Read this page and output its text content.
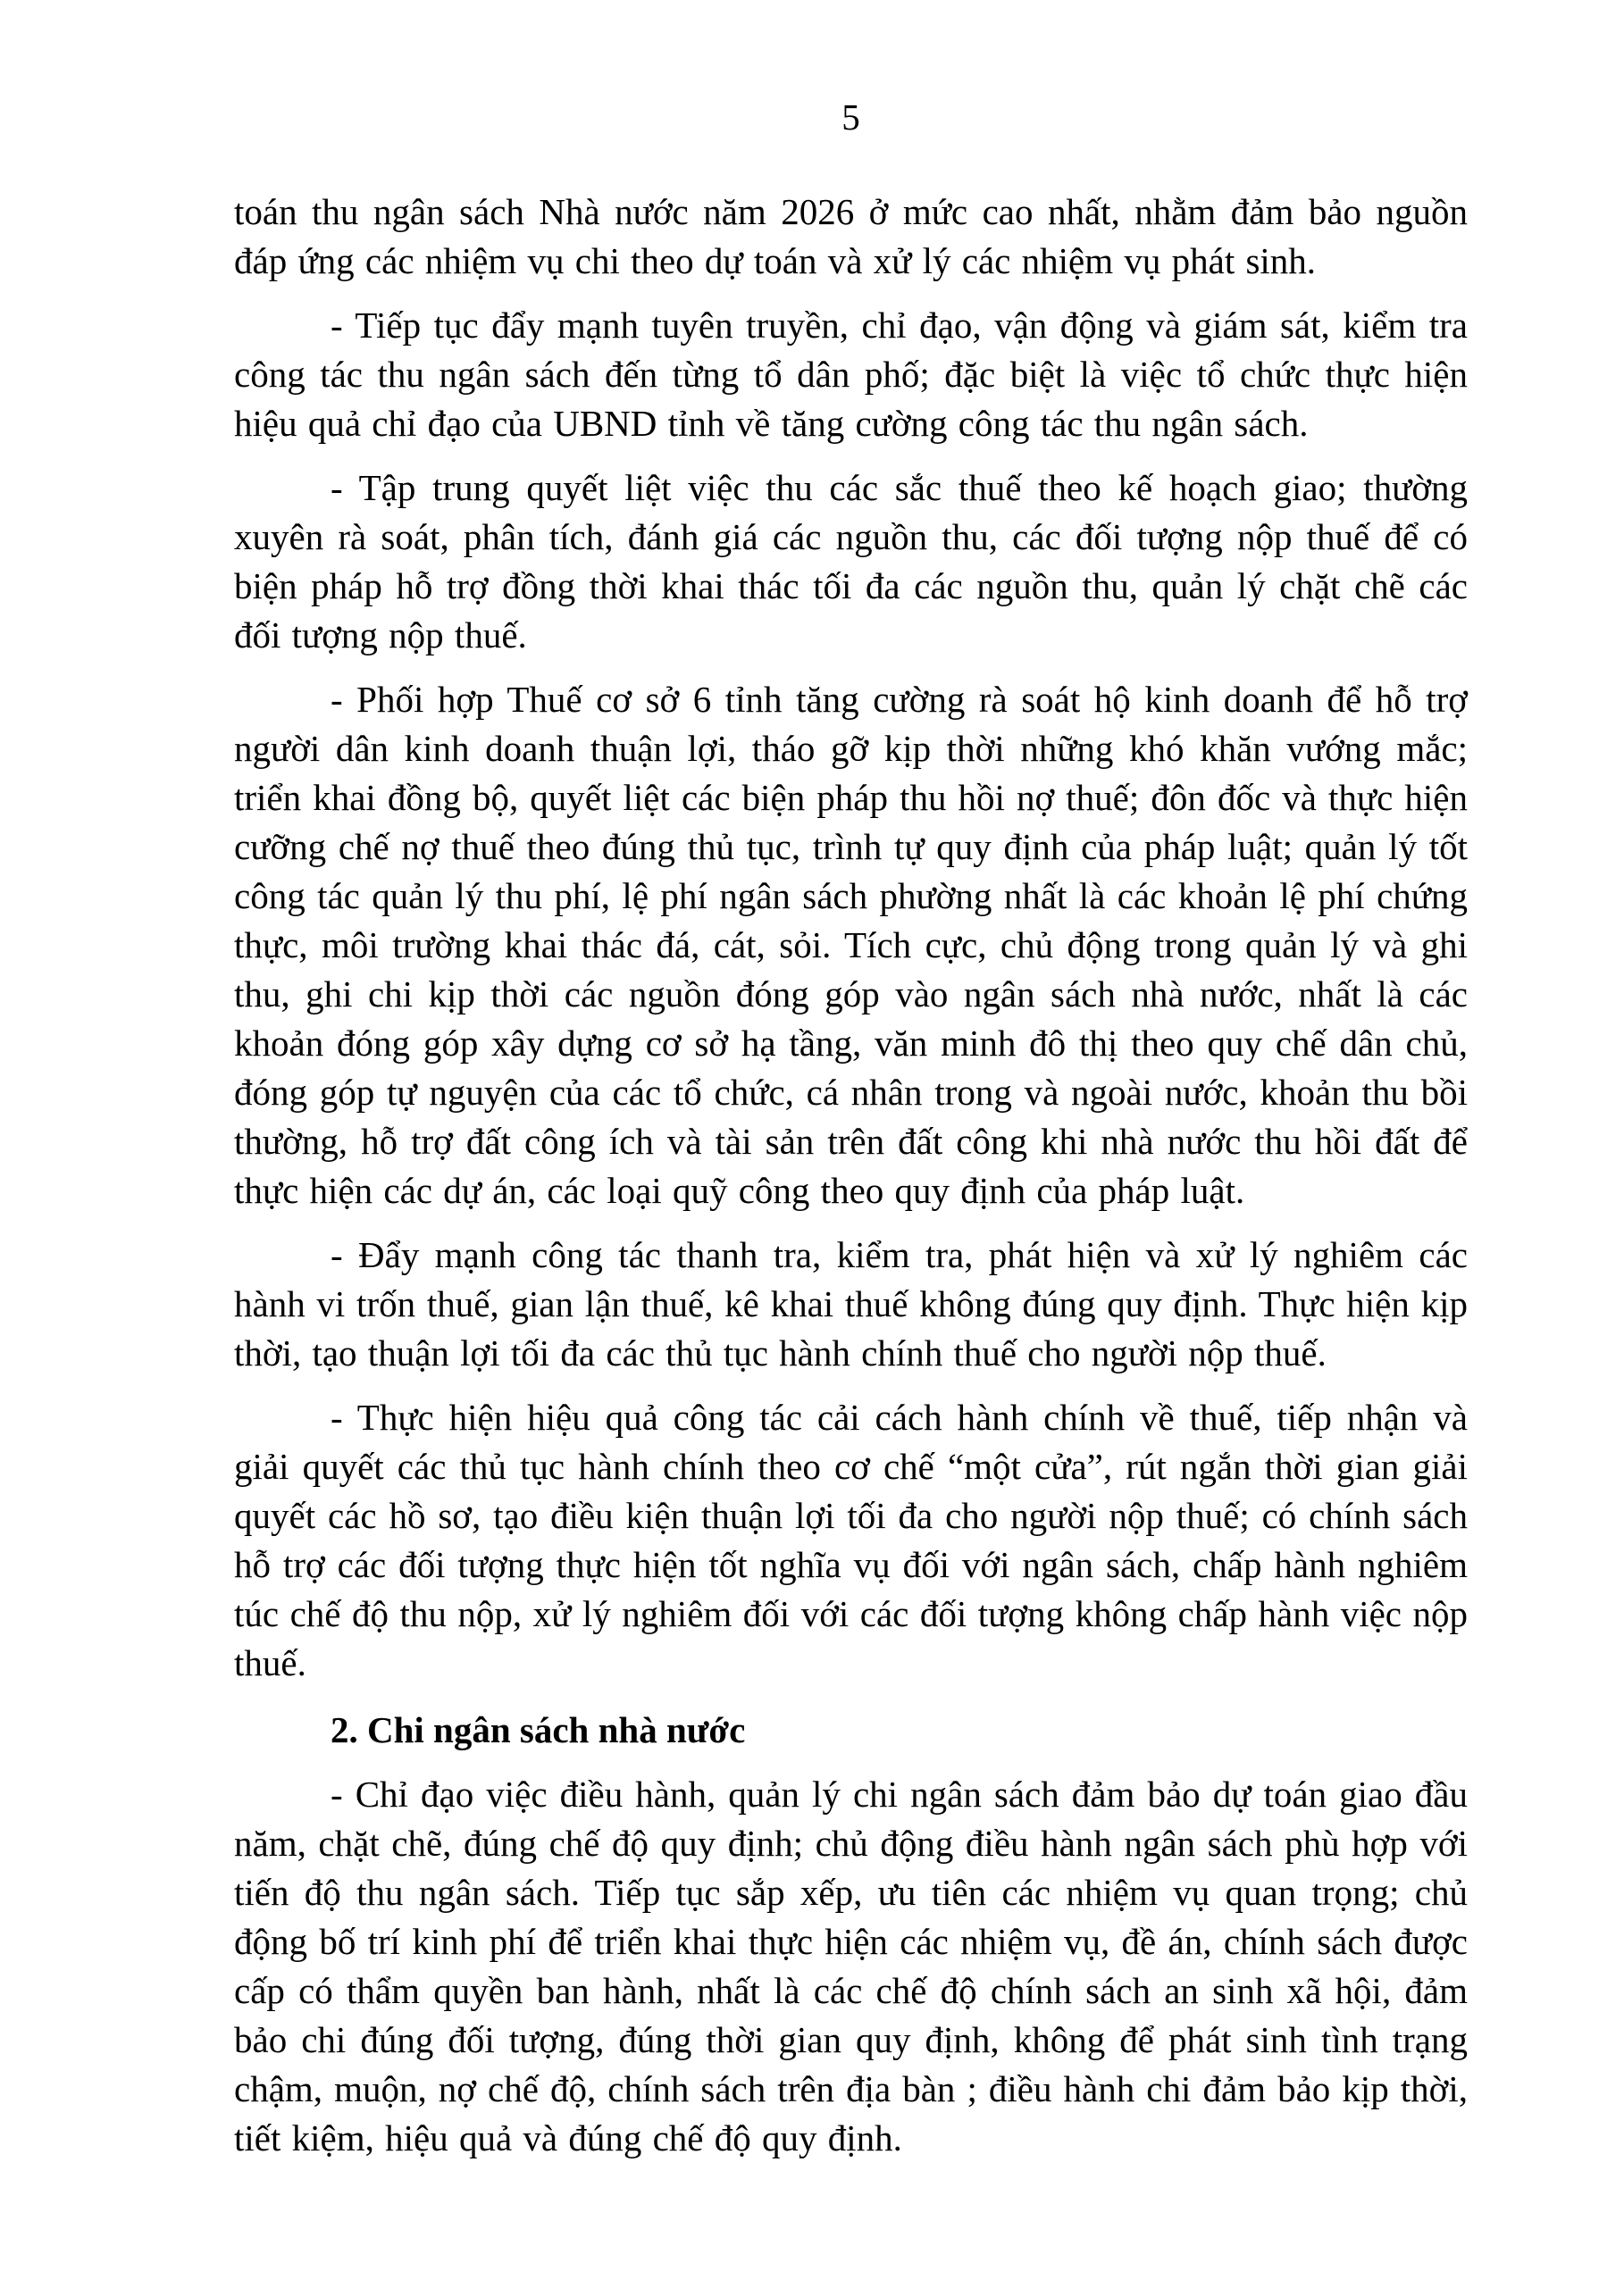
5

toán thu ngân sách Nhà nước năm 2026 ở mức cao nhất, nhằm đảm bảo nguồn đáp ứng các nhiệm vụ chi theo dự toán và xử lý các nhiệm vụ phát sinh.

- Tiếp tục đẩy mạnh tuyên truyền, chỉ đạo, vận động và giám sát, kiểm tra công tác thu ngân sách đến từng tổ dân phố; đặc biệt là việc tổ chức thực hiện hiệu quả chỉ đạo của UBND tỉnh về tăng cường công tác thu ngân sách.

- Tập trung quyết liệt việc thu các sắc thuế theo kế hoạch giao; thường xuyên rà soát, phân tích, đánh giá các nguồn thu, các đối tượng nộp thuế để có biện pháp hỗ trợ đồng thời khai thác tối đa các nguồn thu, quản lý chặt chẽ các đối tượng nộp thuế.

- Phối hợp Thuế cơ sở 6 tỉnh tăng cường rà soát hộ kinh doanh để hỗ trợ người dân kinh doanh thuận lợi, tháo gỡ kịp thời những khó khăn vướng mắc; triển khai đồng bộ, quyết liệt các biện pháp thu hồi nợ thuế; đôn đốc và thực hiện cưỡng chế nợ thuế theo đúng thủ tục, trình tự quy định của pháp luật; quản lý tốt công tác quản lý thu phí, lệ phí ngân sách phường nhất là các khoản lệ phí chứng thực, môi trường khai thác đá, cát, sỏi. Tích cực, chủ động trong quản lý và ghi thu, ghi chi kịp thời các nguồn đóng góp vào ngân sách nhà nước, nhất là các khoản đóng góp xây dựng cơ sở hạ tầng, văn minh đô thị theo quy chế dân chủ, đóng góp tự nguyện của các tổ chức, cá nhân trong và ngoài nước, khoản thu bồi thường, hỗ trợ đất công ích và tài sản trên đất công khi nhà nước thu hồi đất để thực hiện các dự án, các loại quỹ công theo quy định của pháp luật.

- Đẩy mạnh công tác thanh tra, kiểm tra, phát hiện và xử lý nghiêm các hành vi trốn thuế, gian lận thuế, kê khai thuế không đúng quy định. Thực hiện kịp thời, tạo thuận lợi tối đa các thủ tục hành chính thuế cho người nộp thuế.

- Thực hiện hiệu quả công tác cải cách hành chính về thuế, tiếp nhận và giải quyết các thủ tục hành chính theo cơ chế “một cửa”, rút ngắn thời gian giải quyết các hồ sơ, tạo điều kiện thuận lợi tối đa cho người nộp thuế; có chính sách hỗ trợ các đối tượng thực hiện tốt nghĩa vụ đối với ngân sách, chấp hành nghiêm túc chế độ thu nộp, xử lý nghiêm đối với các đối tượng không chấp hành việc nộp thuế.

2. Chi ngân sách nhà nước

- Chỉ đạo việc điều hành, quản lý chi ngân sách đảm bảo dự toán giao đầu năm, chặt chẽ, đúng chế độ quy định; chủ động điều hành ngân sách phù hợp với tiến độ thu ngân sách. Tiếp tục sắp xếp, ưu tiên các nhiệm vụ quan trọng; chủ động bố trí kinh phí để triển khai thực hiện các nhiệm vụ, đề án, chính sách được cấp có thẩm quyền ban hành, nhất là các chế độ chính sách an sinh xã hội, đảm bảo chi đúng đối tượng, đúng thời gian quy định, không để phát sinh tình trạng chậm, muộn, nợ chế độ, chính sách trên địa bàn ; điều hành chi đảm bảo kịp thời, tiết kiệm, hiệu quả và đúng chế độ quy định.
